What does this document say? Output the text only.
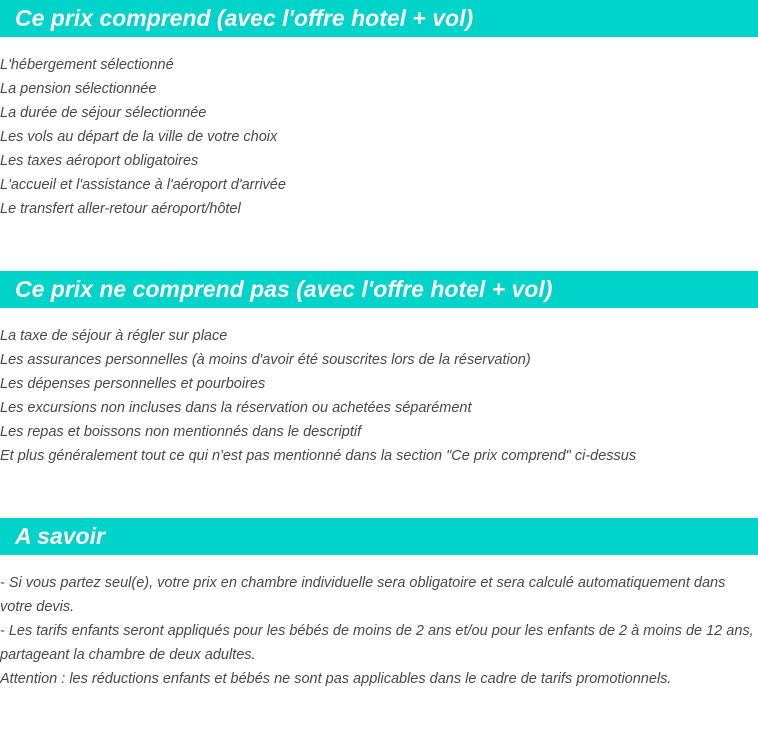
Ce prix comprend (avec l'offre hotel + vol)
L'hébergement sélectionné
La pension sélectionnée
La durée de séjour sélectionnée
Les vols au départ de la ville de votre choix
Les taxes aéroport obligatoires
L'accueil et l'assistance à l'aéroport d'arrivée
Le transfert aller-retour aéroport/hôtel
Ce prix ne comprend pas (avec l'offre hotel + vol)
La taxe de séjour à régler sur place
Les assurances personnelles (à moins d'avoir été souscrites lors de la réservation)
Les dépenses personnelles et pourboires
Les excursions non incluses dans la réservation ou achetées séparément
Les repas et boissons non mentionnés dans le descriptif
Et plus généralement tout ce qui n'est pas mentionné dans la section "Ce prix comprend" ci-dessus
A savoir
- Si vous partez seul(e), votre prix en chambre individuelle sera obligatoire et sera calculé automatiquement dans votre devis.
- Les tarifs enfants seront appliqués pour les bébés de moins de 2 ans et/ou pour les enfants de 2 à moins de 12 ans, partageant la chambre de deux adultes.
Attention : les réductions enfants et bébés ne sont pas applicables dans le cadre de tarifs promotionnels.
